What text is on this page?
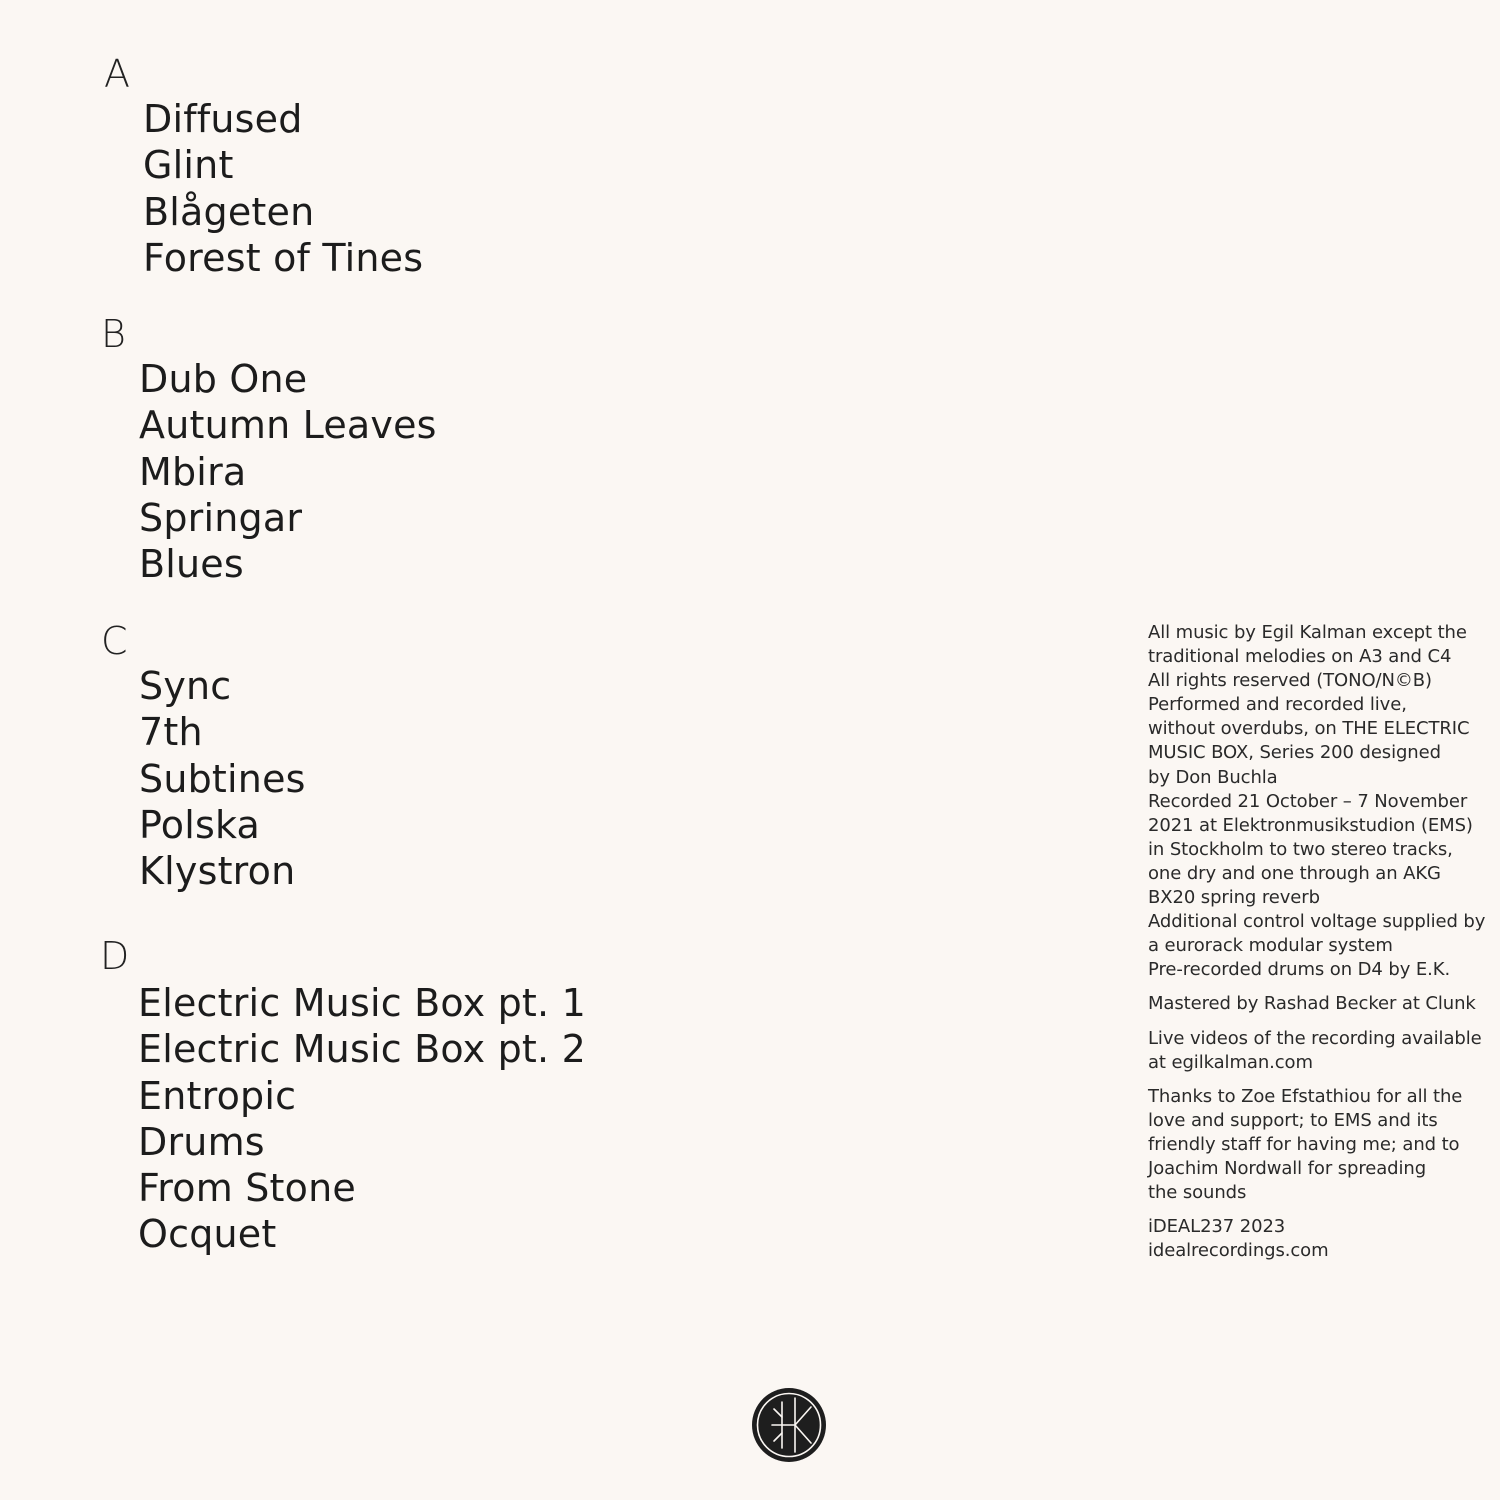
A
Diffused
Glint
Blågeten
Forest of Tines
B
Dub One
Autumn Leaves
Mbira
Springar
Blues
C
Sync
7th
Subtines
Polska
Klystron
D
Electric Music Box pt. 1
Electric Music Box pt. 2
Entropic
Drums
From Stone
Ocquet

All music by Egil Kalman except the
traditional melodies on A3 and C4
All rights reserved (TONO/N©B)
Performed and recorded live,
without overdubs, on THE ELECTRIC
MUSIC BOX, Series 200 designed
by Don Buchla
Recorded 21 October – 7 November
2021 at Elektronmusikstudion (EMS)
in Stockholm to two stereo tracks,
one dry and one through an AKG
BX20 spring reverb
Additional control voltage supplied by
a eurorack modular system
Pre-recorded drums on D4 by E.K.

Mastered by Rashad Becker at Clunk

Live videos of the recording available
at egilkalman.com

Thanks to Zoe Efstathiou for all the
love and support; to EMS and its
friendly staff for having me; and to
Joachim Nordwall for spreading
the sounds

iDEAL237 2023
idealrecordings.com
